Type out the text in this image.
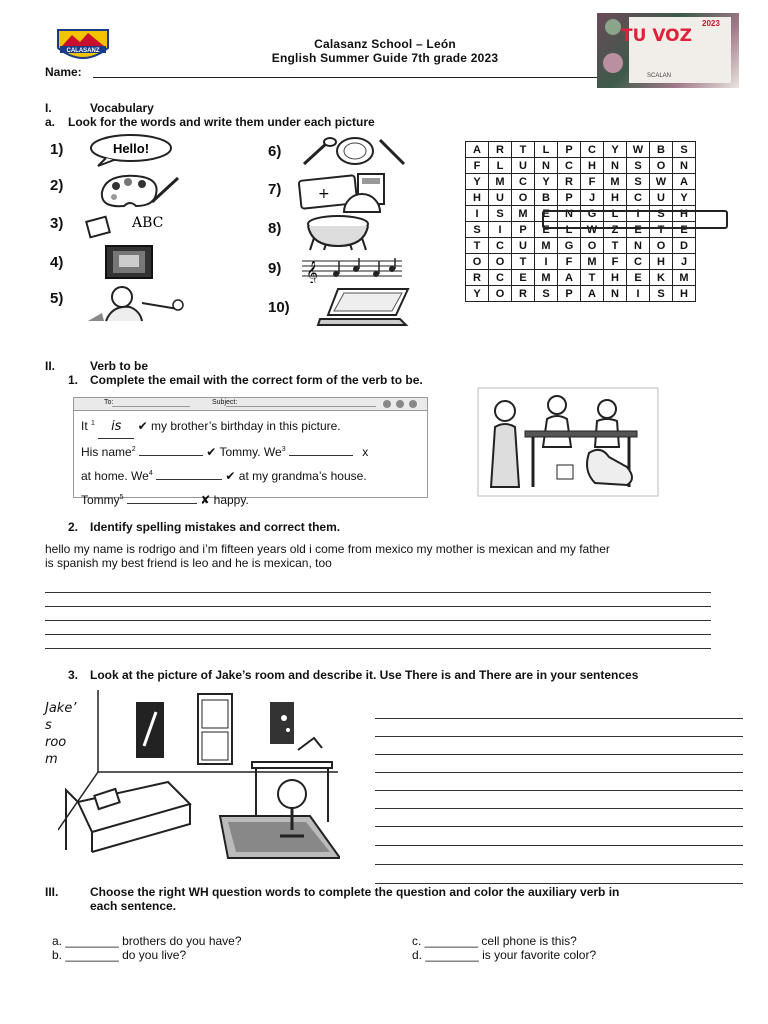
CALASANZ	Calasanz School – León
English Summer Guide 7th grade 2023
Name:
2023
TU VOZ
SCALAN
I.	Vocabulary
a. Look for the words and write them under each picture
1)
2)
3)
4)
5)
6)
7)
8)
9)
10)
Hello!
ABC
+
𝄞
A	R	T	L	P	C	Y	W	B	S
F	L	U	N	C	H	N	S	O	N
Y	M	C	Y	R	F	M	S	W	A
H	U	O	B	P	J	H	C	U	Y
I	S	M	E	N	G	L	I	S	H
S	I	P	E	L	W	Z	E	T	E
T	C	U	M	G	O	T	N	O	D
O	O	T	I	F	M	F	C	H	J
R	C	E	M	A	T	H	E	K	M
Y	O	R	S	P	A	N	I	S	H
II.	Verb to be
1. Complete the email with the correct form of the verb to be.
To:	Subject:
It $^1$ is ✔ my brother’s birthday in this picture.
His name$^2$	✔ Tommy. We$^3$	x
at home. We$^4$	✔ at my grandma’s house.
Tommy$^5$	✘ happy.
2. Identify spelling mistakes and correct them.
hello my name is rodrigo and i’m fifteen years old i come from mexico my mother is mexican and my father
is spanish my best friend is leo and he is mexican, too
3. Look at the picture of Jake’s room and describe it. Use There is and There are in your sentences
Jake’
s
roo
m
III.	Choose the right WH question words to complete the question and color the auxiliary verb in
each sentence.
a. ________ brothers do you have?
b. ________ do you live?
c. ________ cell phone is this?
d. ________ is your favorite color?
